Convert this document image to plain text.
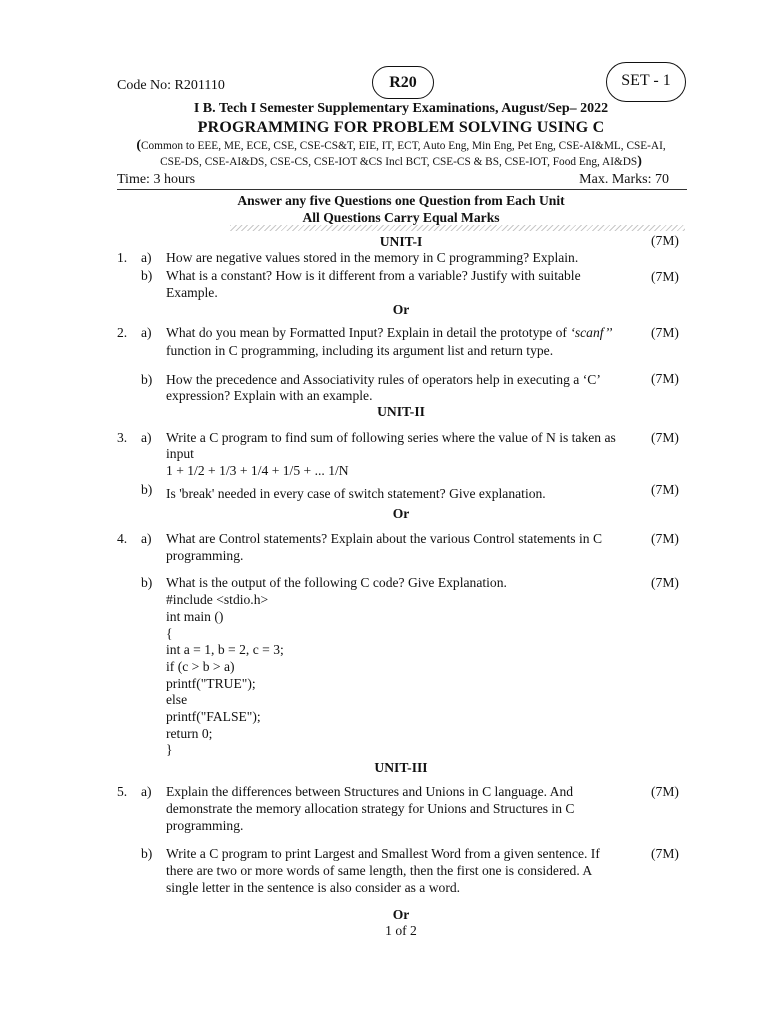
Code No: R201110	R20	SET - 1
I B. Tech I Semester Supplementary Examinations, August/Sep– 2022
PROGRAMMING FOR PROBLEM SOLVING USING C
(Common to EEE, ME, ECE, CSE, CSE-CS&T, EIE, IT, ECT, Auto Eng, Min Eng, Pet Eng, CSE-AI&ML, CSE-AI,
CSE-DS, CSE-AI&DS, CSE-CS, CSE-IOT &CS Incl BCT, CSE-CS & BS, CSE-IOT, Food Eng, AI&DS)
Time: 3 hours	Max. Marks: 70
Answer any five Questions one Question from Each Unit
All Questions Carry Equal Marks
UNIT-I	(7M)
1. a) How are negative values stored in the memory in C programming? Explain.
b) What is a constant? How is it different from a variable? Justify with suitable
Example.
(7M)
Or
2. a) What do you mean by Formatted Input? Explain in detail the prototype of ‘scanf’’
function in C programming, including its argument list and return type.
(7M)
b) How the precedence and Associativity rules of operators help in executing a ‘C’
expression? Explain with an example.
(7M)
UNIT-II
3. a) Write a C program to find sum of following series where the value of N is taken as
input
1 + 1/2 + 1/3 + 1/4 + 1/5 + ... 1/N
(7M)
b) Is 'break' needed in every case of switch statement? Give explanation.	(7M)
Or
4. a) What are Control statements? Explain about the various Control statements in C
programming.
(7M)
b) What is the output of the following C code? Give Explanation.	(7M)
#include <stdio.h>
int main ()
{
int a = 1, b = 2, c = 3;
if (c > b > a)
printf("TRUE");
else
printf("FALSE");
return 0;
}
UNIT-III
5. a) Explain the differences between Structures and Unions in C language. And
demonstrate the memory allocation strategy for Unions and Structures in C
programming.
(7M)
b) Write a C program to print Largest and Smallest Word from a given sentence. If
there are two or more words of same length, then the first one is considered. A
single letter in the sentence is also consider as a word.
(7M)
Or
1 of 2
